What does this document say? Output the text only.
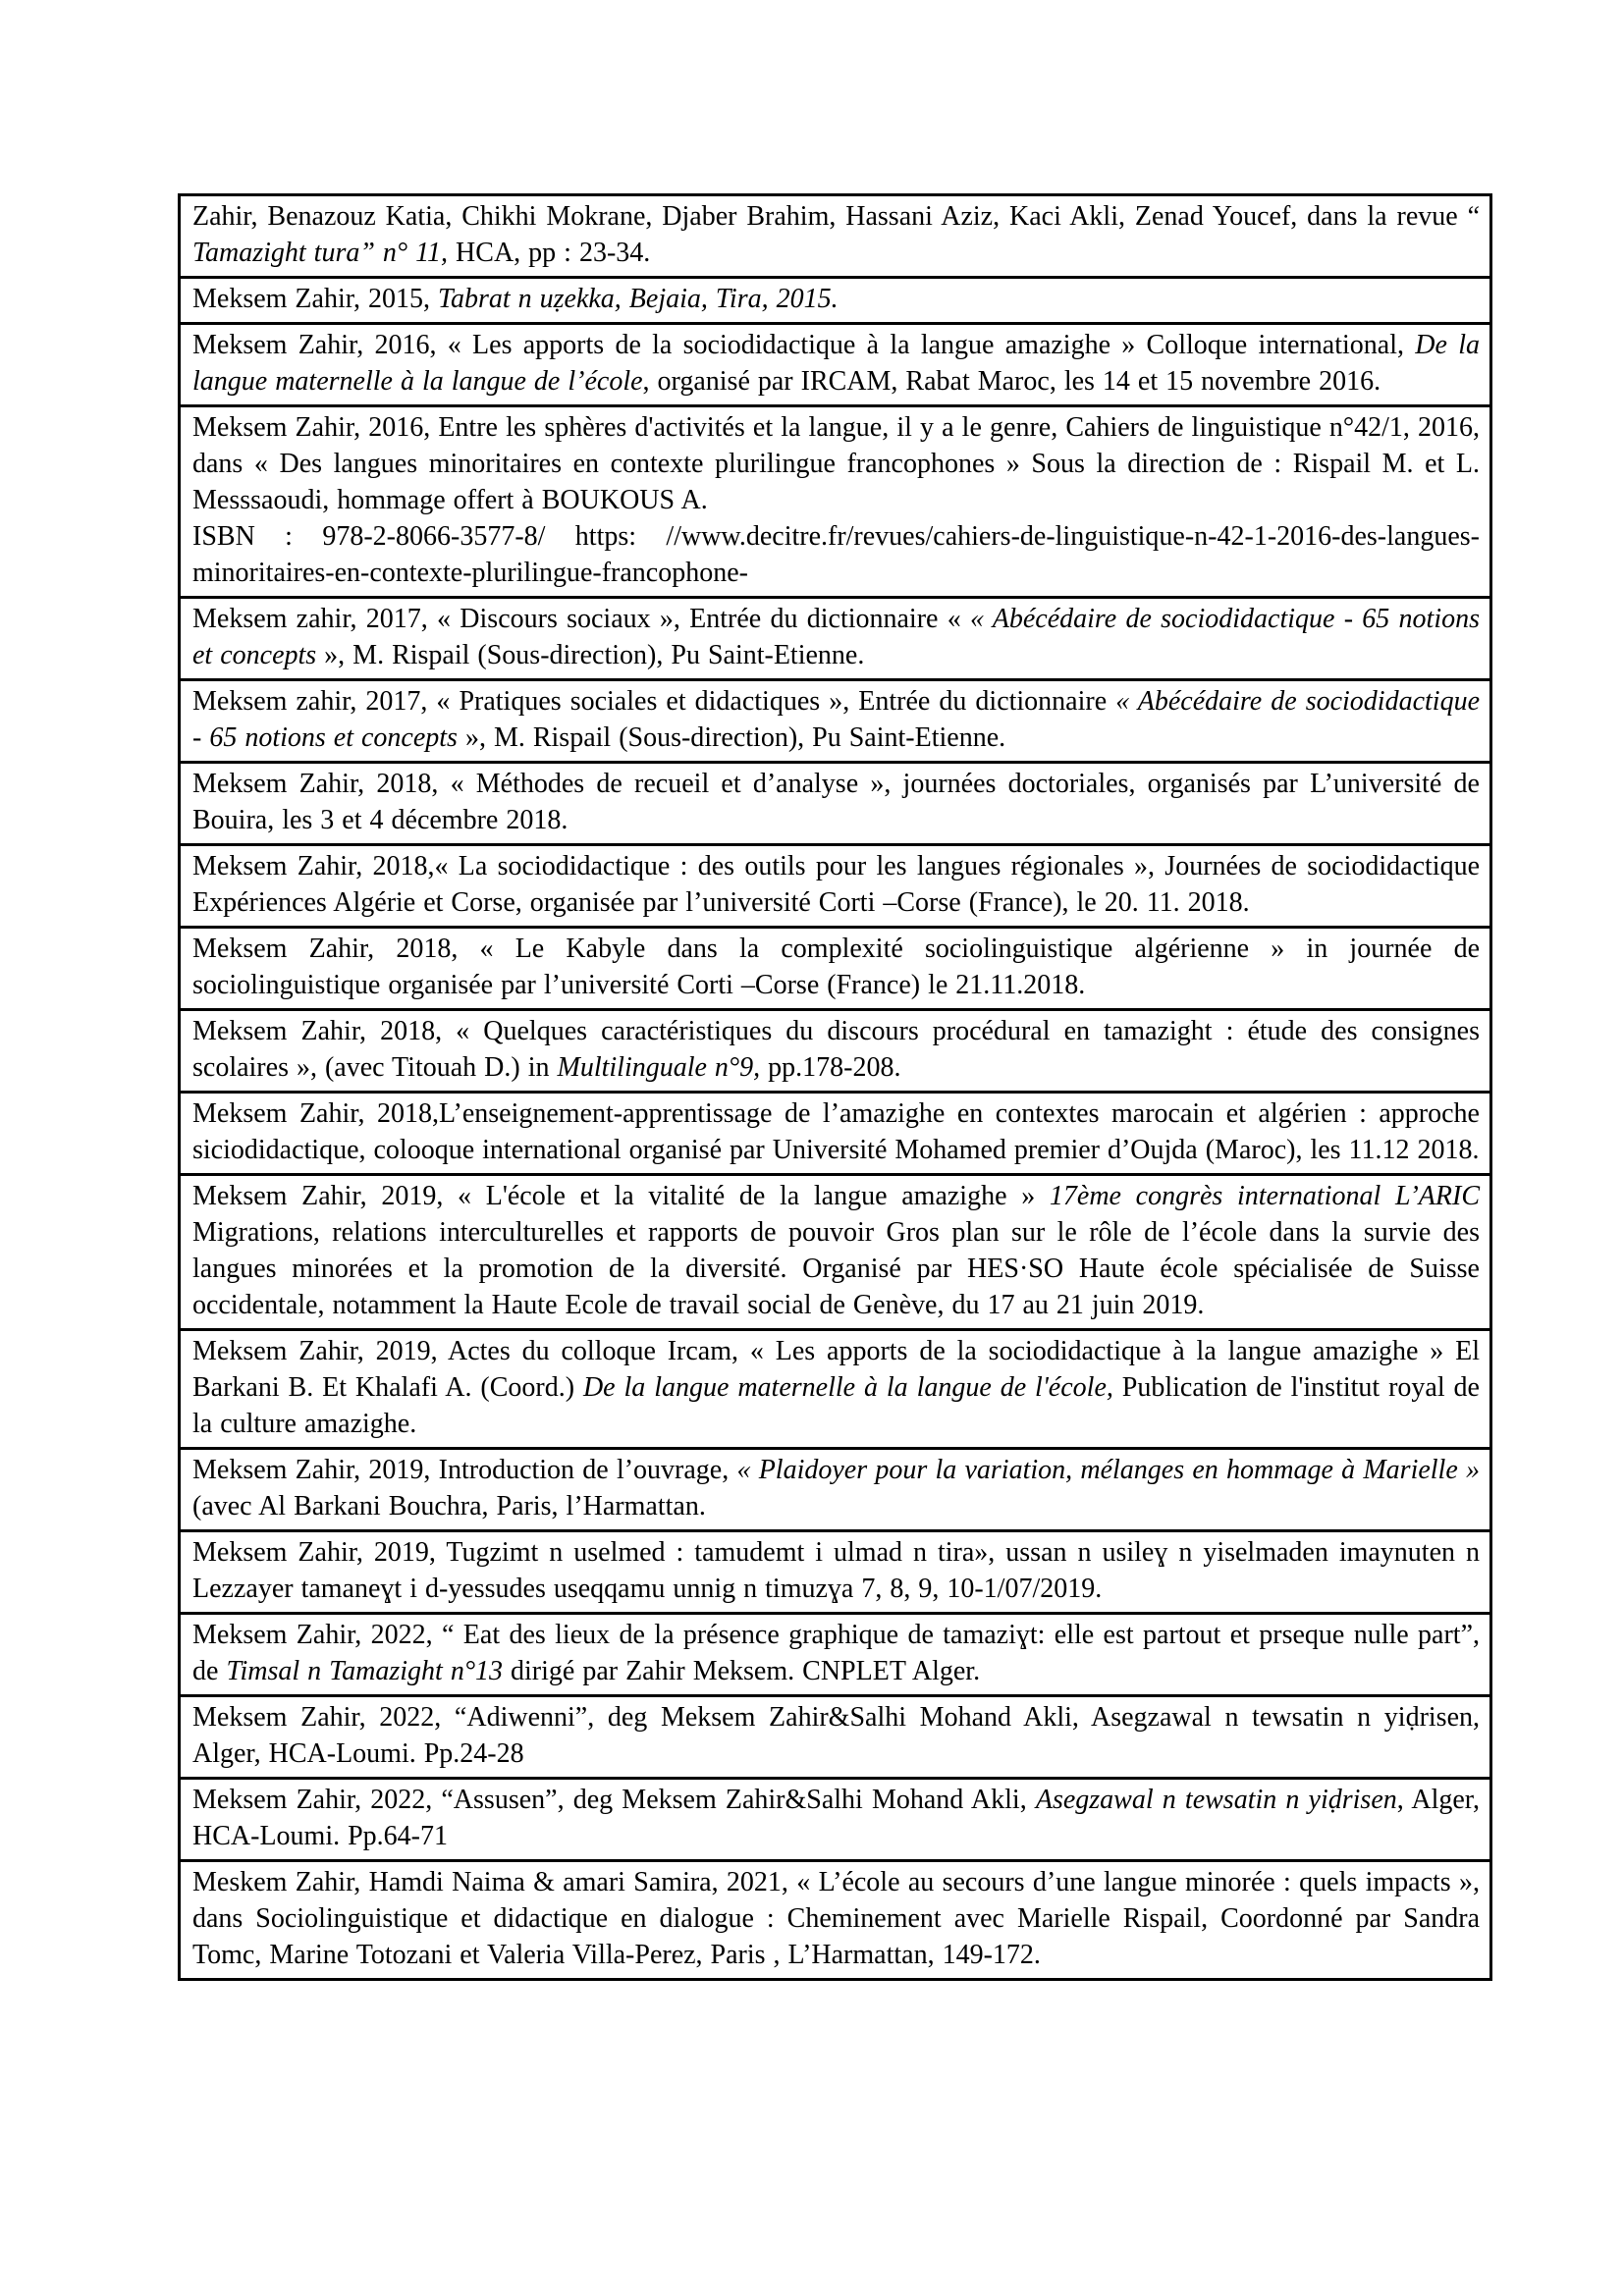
Zahir, Benazouz Katia, Chikhi Mokrane, Djaber Brahim, Hassani Aziz, Kaci Akli, Zenad Youcef, dans la revue “ Tamazight tura” n° 11, HCA, pp : 23-34.

Meksem Zahir, 2015, Tabrat n uẓekka, Bejaia, Tira, 2015.

Meksem Zahir, 2016, « Les apports de la sociodidactique à la langue amazighe » Colloque international, De la langue maternelle à la langue de l’école, organisé par IRCAM, Rabat Maroc, les 14 et 15 novembre 2016.

Meksem Zahir, 2016, Entre les sphères d'activités et la langue, il y a le genre, Cahiers de linguistique n°42/1, 2016, dans « Des langues minoritaires en contexte plurilingue francophones » Sous la direction de : Rispail M. et L. Messsaoudi, hommage offert à BOUKOUS A.

ISBN : 978-2-8066-3577-8/ https: //www.decitre.fr/revues/cahiers-de-linguistique-n-42-1-2016-des-langues-minoritaires-en-contexte-plurilingue-francophone-

Meksem zahir, 2017, « Discours sociaux », Entrée du dictionnaire « « Abécédaire de sociodidactique - 65 notions et concepts », M. Rispail (Sous-direction), Pu Saint-Etienne.

Meksem zahir, 2017, « Pratiques sociales et didactiques », Entrée du dictionnaire « Abécédaire de sociodidactique - 65 notions et concepts », M. Rispail (Sous-direction), Pu Saint-Etienne.

Meksem Zahir, 2018, « Méthodes de recueil et d’analyse », journées doctoriales, organisés par L’université de Bouira, les 3 et 4 décembre 2018.

Meksem Zahir, 2018,« La sociodidactique : des outils pour les langues régionales », Journées de sociodidactique Expériences Algérie et Corse, organisée par l’université Corti –Corse (France), le 20. 11. 2018.

Meksem Zahir, 2018, « Le Kabyle dans la complexité sociolinguistique algérienne » in journée de sociolinguistique organisée par l’université Corti –Corse (France) le 21.11.2018.

Meksem Zahir, 2018, « Quelques caractéristiques du discours procédural en tamazight : étude des consignes scolaires », (avec Titouah D.) in Multilinguale n°9, pp.178-208.

Meksem Zahir, 2018,L’enseignement-apprentissage de l’amazighe en contextes marocain et algérien : approche siciodidactique, colooque international organisé par Université Mohamed premier d’Oujda (Maroc), les 11.12 2018.

Meksem Zahir, 2019, « L'école et la vitalité de la langue amazighe » 17ème congrès international L’ARIC Migrations, relations interculturelles et rapports de pouvoir Gros plan sur le rôle de l’école dans la survie des langues minorées et la promotion de la diversité. Organisé par HES·SO Haute école spécialisée de Suisse occidentale, notamment la Haute Ecole de travail social de Genève, du 17 au 21 juin 2019.

Meksem Zahir, 2019, Actes du colloque Ircam, « Les apports de la sociodidactique à la langue amazighe » El Barkani B. Et Khalafi A. (Coord.) De la langue maternelle à la langue de l'école, Publication de l'institut royal de la culture amazighe.

Meksem Zahir, 2019, Introduction de l’ouvrage, « Plaidoyer pour la variation, mélanges en hommage à Marielle » (avec Al Barkani Bouchra, Paris, l’Harmattan.

Meksem Zahir, 2019, Tugzimt n uselmed : tamudemt i ulmad n tira», ussan n usileɣ n yiselmaden imaynuten n Lezzayer tamaneɣt i d-yessudes useqqamu unnig n timuzɣa 7, 8, 9, 10-1/07/2019.

Meksem Zahir, 2022, “ Eat des lieux de la présence graphique de tamaziɣt: elle est partout et prseque nulle part”, de Timsal n Tamazight n°13 dirigé par Zahir Meksem. CNPLET Alger.

Meksem Zahir, 2022, “Adiwenni”, deg Meksem Zahir&Salhi Mohand Akli, Asegzawal n tewsatin n yiḍrisen, Alger, HCA-Loumi. Pp.24-28

Meksem Zahir, 2022, “Assusen”, deg Meksem Zahir&Salhi Mohand Akli, Asegzawal n tewsatin n yiḍrisen, Alger, HCA-Loumi. Pp.64-71

Meskem Zahir, Hamdi Naima & amari Samira, 2021, « L’école au secours d’une langue minorée : quels impacts », dans Sociolinguistique et didactique en dialogue : Cheminement avec Marielle Rispail, Coordonné par Sandra Tomc, Marine Totozani et Valeria Villa-Perez, Paris , L’Harmattan, 149-172.
